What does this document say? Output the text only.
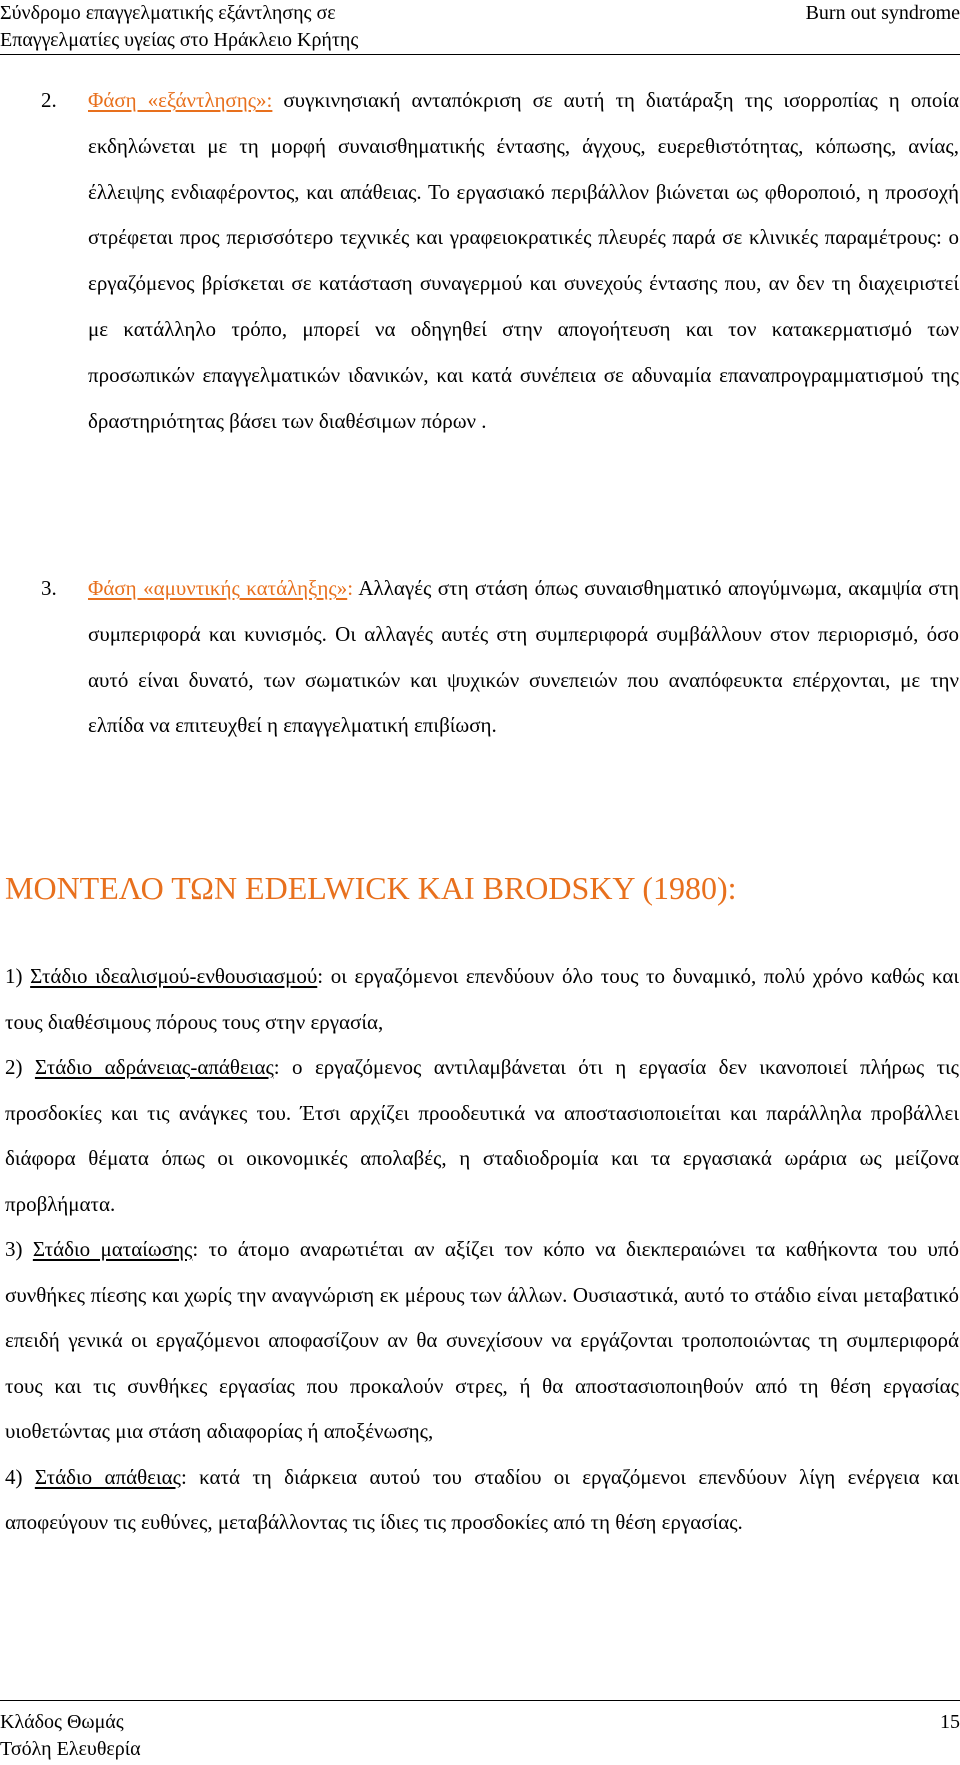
Σύνδρομο επαγγελματικής εξάντλησης σε
Επαγγελματίες υγείας στο Ηράκλειο Κρήτης
Burn out syndrome

2. Φάση «εξάντλησης»: συγκινησιακή ανταπόκριση σε αυτή τη διατάραξη της ισορροπίας η οποία εκδηλώνεται με τη μορφή συναισθηματικής έντασης, άγχους, ευερεθιστότητας, κόπωσης, ανίας, έλλειψης ενδιαφέροντος, και απάθειας. Το εργασιακό περιβάλλον βιώνεται ως φθοροποιό, η προσοχή στρέφεται προς περισσότερο τεχνικές και γραφειοκρατικές πλευρές παρά σε κλινικές παραμέτρους: ο εργαζόμενος βρίσκεται σε κατάσταση συναγερμού και συνεχούς έντασης που, αν δεν τη διαχειριστεί με κατάλληλο τρόπο, μπορεί να οδηγηθεί στην απογοήτευση και τον κατακερματισμό των προσωπικών επαγγελματικών ιδανικών, και κατά συνέπεια σε αδυναμία επαναπρογραμματισμού της δραστηριότητας βάσει των διαθέσιμων πόρων .

3. Φάση «αμυντικής κατάληξης»: Αλλαγές στη στάση όπως συναισθηματικό απογύμνωμα, ακαμψία στη συμπεριφορά και κυνισμός. Οι αλλαγές αυτές στη συμπεριφορά συμβάλλουν στον περιορισμό, όσο αυτό είναι δυνατό, των σωματικών και ψυχικών συνεπειών που αναπόφευκτα επέρχονται, με την ελπίδα να επιτευχθεί η επαγγελματική επιβίωση.

ΜΟΝΤΕΛΟ ΤΩΝ EDELWICK ΚΑΙ BRODSKY (1980):

1) Στάδιο ιδεαλισμού-ενθουσιασμού: οι εργαζόμενοι επενδύουν όλο τους το δυναμικό, πολύ χρόνο καθώς και τους διαθέσιμους πόρους τους στην εργασία,

2) Στάδιο αδράνειας-απάθειας: ο εργαζόμενος αντιλαμβάνεται ότι η εργασία δεν ικανοποιεί πλήρως τις προσδοκίες και τις ανάγκες του. Έτσι αρχίζει προοδευτικά να αποστασιοποιείται και παράλληλα προβάλλει διάφορα θέματα όπως οι οικονομικές απολαβές, η σταδιοδρομία και τα εργασιακά ωράρια ως μείζονα προβλήματα.

3) Στάδιο ματαίωσης: το άτομο αναρωτιέται αν αξίζει τον κόπο να διεκπεραιώνει τα καθήκοντα του υπό συνθήκες πίεσης και χωρίς την αναγνώριση εκ μέρους των άλλων. Ουσιαστικά, αυτό το στάδιο είναι μεταβατικό επειδή γενικά οι εργαζόμενοι αποφασίζουν αν θα συνεχίσουν να εργάζονται τροποποιώντας τη συμπεριφορά τους και τις συνθήκες εργασίας που προκαλούν στρες, ή θα αποστασιοποιηθούν από τη θέση εργασίας υιοθετώντας μια στάση αδιαφορίας ή αποξένωσης,

4) Στάδιο απάθειας: κατά τη διάρκεια αυτού του σταδίου οι εργαζόμενοι επενδύουν λίγη ενέργεια και αποφεύγουν τις ευθύνες, μεταβάλλοντας τις ίδιες τις προσδοκίες από τη θέση εργασίας.

Κλάδος Θωμάς
Τσόλη Ελευθερία
15
